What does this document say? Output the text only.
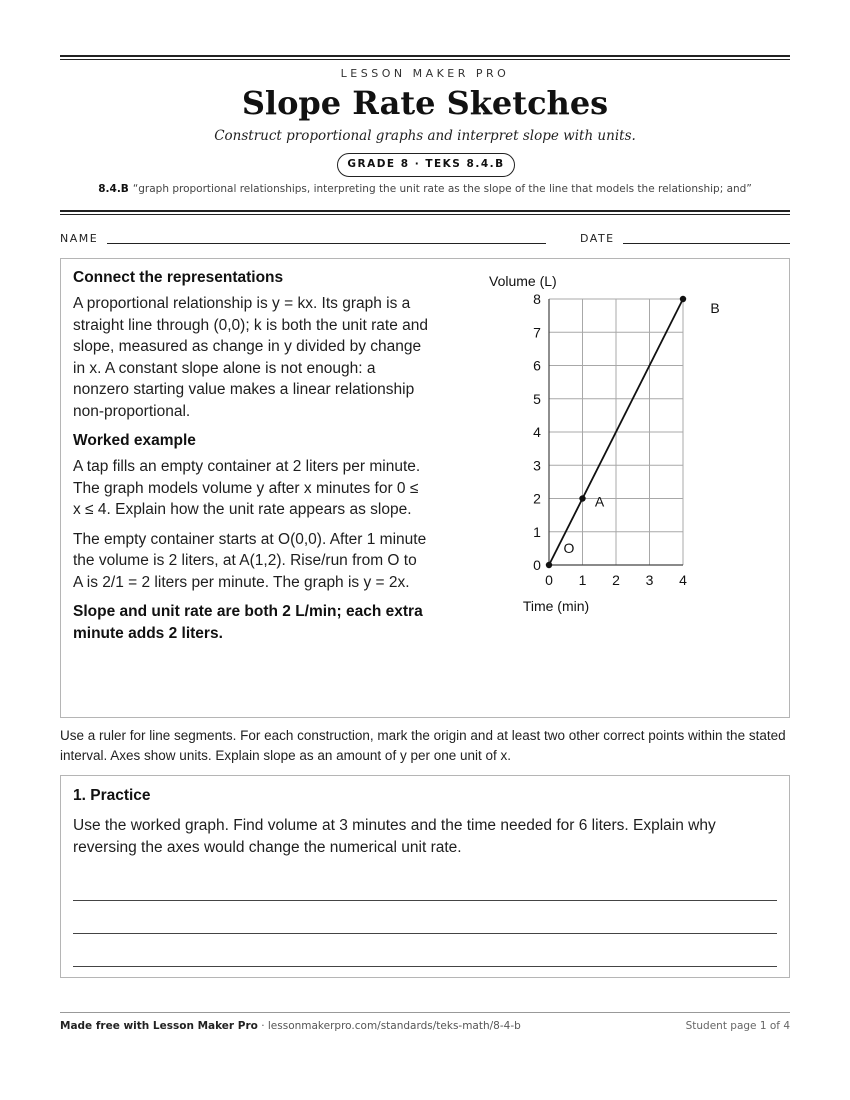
LESSON MAKER PRO
Slope Rate Sketches
Construct proportional graphs and interpret slope with units.
GRADE 8 · TEKS 8.4.B
8.4.B “graph proportional relationships, interpreting the unit rate as the slope of the line that models the relationship; and”
NAME	DATE

Connect the representations

A proportional relationship is y = kx. Its graph is a straight line through (0,0); k is both the unit rate and slope, measured as change in y divided by change in x. A constant slope alone is not enough: a nonzero starting value makes a linear relationship non-proportional.

Worked example

A tap fills an empty container at 2 liters per minute. The graph models volume y after x minutes for 0 ≤ x ≤ 4. Explain how the unit rate appears as slope.

The empty container starts at O(0,0). After 1 minute the volume is 2 liters, at A(1,2). Rise/run from O to A is 2/1 = 2 liters per minute. The graph is y = 2x.

Slope and unit rate are both 2 L/min; each extra minute adds 2 liters.

Volume (L)
Time (min)
0 1 2 3 4
0
1
2
3
4
5
6
7
8
O
A
B
Use a ruler for line segments. For each construction, mark the origin and at least two other correct points within the stated interval. Axes show units. Explain slope as an amount of y per one unit of x.

1. Practice

Use the worked graph. Find volume at 3 minutes and the time needed for 6 liters. Explain why reversing the axes would change the numerical unit rate.

Made free with Lesson Maker Pro · lessonmakerpro.com/standards/teks-math/8-4-b	Student page 1 of 4
